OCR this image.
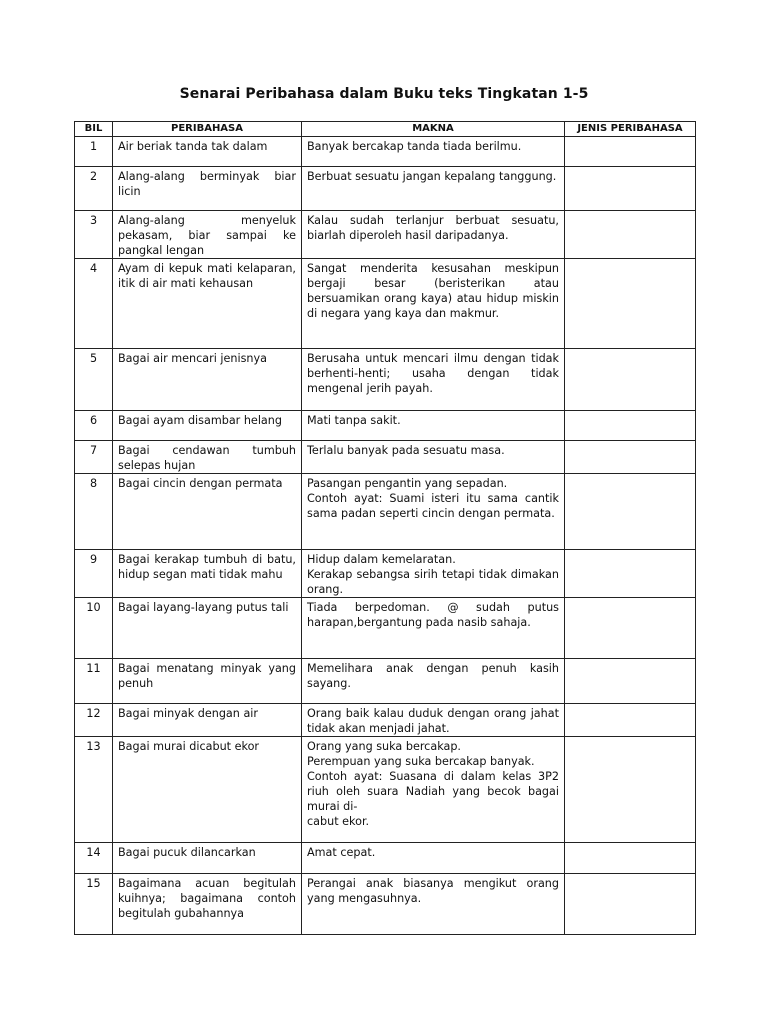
Senarai Peribahasa dalam Buku teks Tingkatan 1-5
BIL	PERIBAHASA	MAKNA	JENIS PERIBAHASA
1	Air beriak tanda tak dalam	Banyak bercakap tanda tiada berilmu.	
2	Alang-alang berminyak biar licin	Berbuat sesuatu jangan kepalang tanggung.	
3	Alang-alang menyeluk pekasam, biar sampai ke pangkal lengan	Kalau sudah terlanjur berbuat sesuatu, biarlah diperoleh hasil daripadanya.	
4	Ayam di kepuk mati kelaparan, itik di air mati kehausan	Sangat menderita kesusahan meskipun bergaji besar (beristerikan atau bersuamikan orang kaya) atau hidup miskin di negara yang kaya dan makmur.	
5	Bagai air mencari jenisnya	Berusaha untuk mencari ilmu dengan tidak berhenti-henti; usaha dengan tidak mengenal jerih payah.	
6	Bagai ayam disambar helang	Mati tanpa sakit.	
7	Bagai cendawan tumbuh selepas hujan	Terlalu banyak pada sesuatu masa.	
8	Bagai cincin dengan permata	Pasangan pengantin yang sepadan.
Contoh ayat: Suami isteri itu sama cantik sama padan seperti cincin dengan permata.	
9	Bagai kerakap tumbuh di batu, hidup segan mati tidak mahu	Hidup dalam kemelaratan.
Kerakap sebangsa sirih tetapi tidak dimakan orang.	
10	Bagai layang-layang putus tali	Tiada berpedoman. @ sudah putus harapan,bergantung pada nasib sahaja.	
11	Bagai menatang minyak yang penuh	Memelihara anak dengan penuh kasih sayang.	
12	Bagai minyak dengan air	Orang baik kalau duduk dengan orang jahat tidak akan menjadi jahat.	
13	Bagai murai dicabut ekor	Orang yang suka bercakap.
Perempuan yang suka bercakap banyak.
Contoh ayat: Suasana di dalam kelas 3P2 riuh oleh suara Nadiah yang becok bagai murai di-
cabut ekor.	
14	Bagai pucuk dilancarkan	Amat cepat.	
15	Bagaimana acuan begitulah kuihnya; bagaimana contoh begitulah gubahannya	Perangai anak biasanya mengikut orang yang mengasuhnya.	
